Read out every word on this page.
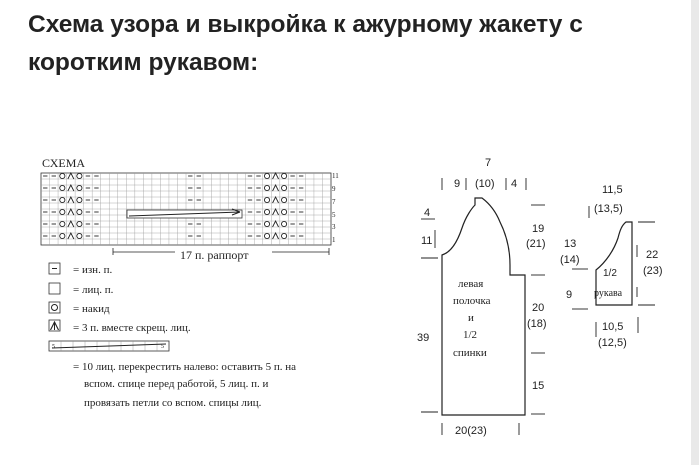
Схема узора и выкройка к ажурному жакету с
коротким рукавом:
СХЕМА
11
9
7
5
3
1
17 п. раппорт
= изн. п.
= лиц. п.
= накид
= 3 п. вместе скрещ. лиц.
5	5
= 10 лиц. перекрестить налево: оставить 5 п. на
вспом. спице перед работой, 5 лиц. п. и
провязать петли со вспом. спицы лиц.
7
9 (10) 4
4
11
39
19
(21)
20
(18)
15
20(23)
левая
полочка
и
1/2
спинки
11,5
(13,5)
13
(14)
9
22
(23)
10,5
(12,5)
1/2
рукава
